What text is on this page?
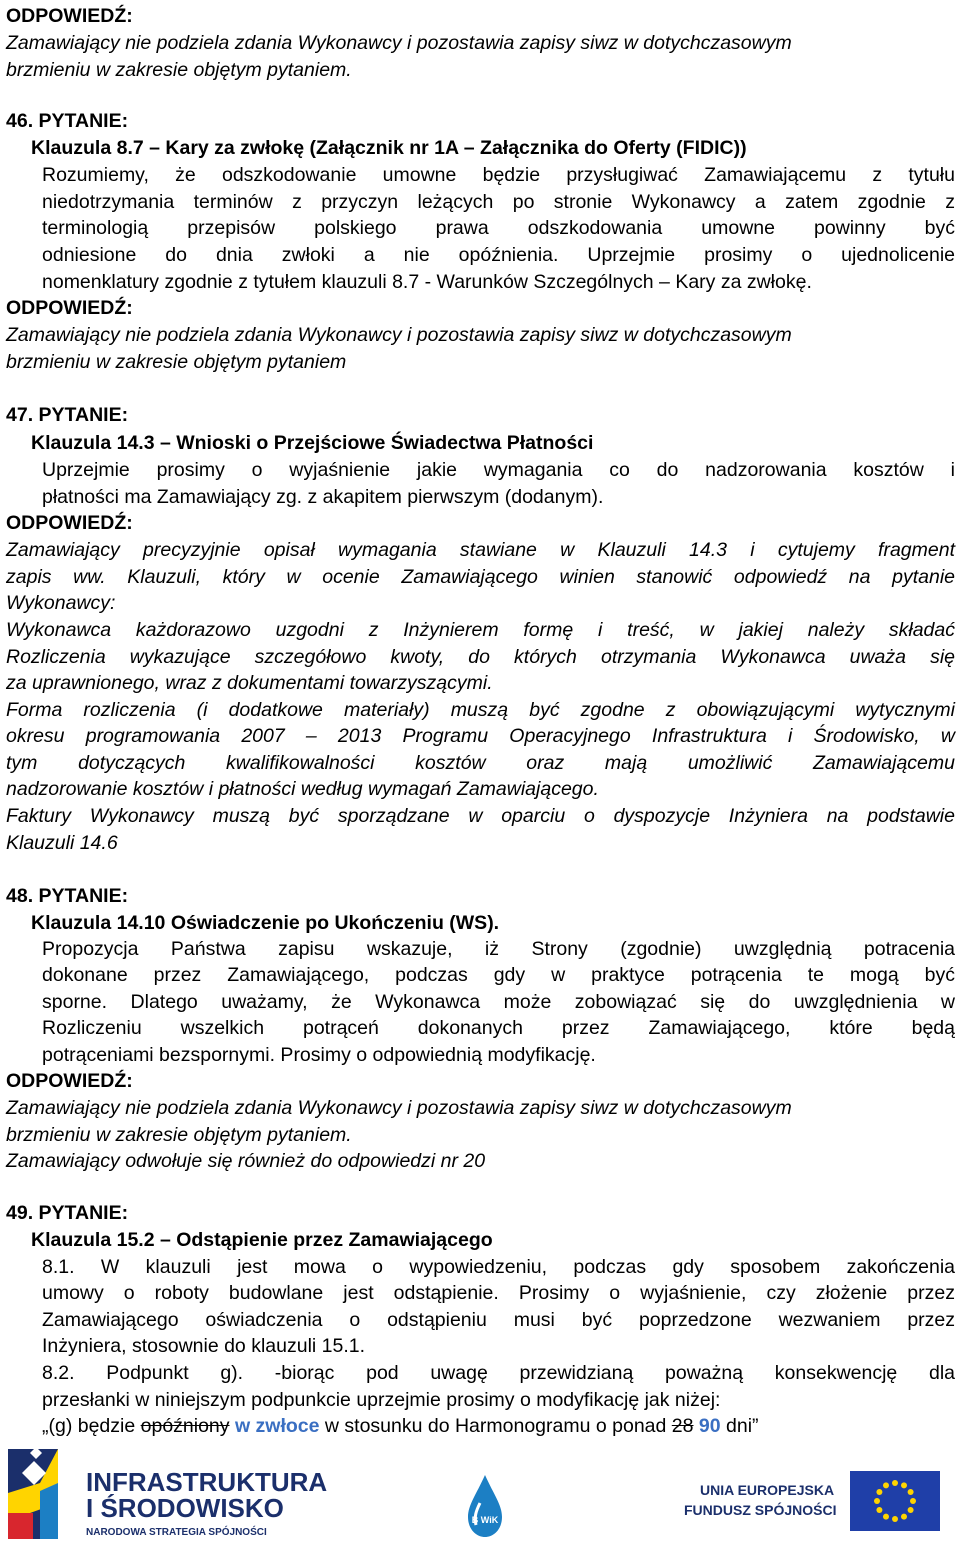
ODPOWIEDŹ:
Zamawiający nie podziela zdania Wykonawcy i pozostawia zapisy siwz w dotychczasowym
brzmieniu w zakresie objętym pytaniem.
46. PYTANIE:
Klauzula 8.7 – Kary za zwłokę (Załącznik nr 1A – Załącznika do Oferty (FIDIC))
Rozumiemy, że odszkodowanie umowne będzie przysługiwać Zamawiającemu z tytułu
niedotrzymania terminów z przyczyn leżących po stronie Wykonawcy a zatem zgodnie z
terminologią przepisów polskiego prawa odszkodowania umowne powinny być
odniesione do dnia zwłoki a nie opóźnienia. Uprzejmie prosimy o ujednolicenie
nomenklatury zgodnie z tytułem klauzuli 8.7 - Warunków Szczególnych – Kary za zwłokę.
ODPOWIEDŹ:
Zamawiający nie podziela zdania Wykonawcy i pozostawia zapisy siwz w dotychczasowym
brzmieniu w zakresie objętym pytaniem
47. PYTANIE:
Klauzula 14.3 – Wnioski o Przejściowe Świadectwa Płatności
Uprzejmie prosimy o wyjaśnienie jakie wymagania co do nadzorowania kosztów i
płatności ma Zamawiający zg. z akapitem pierwszym (dodanym).
ODPOWIEDŹ:
Zamawiający precyzyjnie opisał wymagania stawiane w Klauzuli 14.3 i cytujemy fragment
zapis ww. Klauzuli, który w ocenie Zamawiającego winien stanowić odpowiedź na pytanie
Wykonawcy:
Wykonawca każdorazowo uzgodni z Inżynierem formę i treść, w jakiej należy składać
Rozliczenia wykazujące szczegółowo kwoty, do których otrzymania Wykonawca uważa się
za uprawnionego, wraz z dokumentami towarzyszącymi.
Forma rozliczenia (i dodatkowe materiały) muszą być zgodne z obowiązującymi wytycznymi
okresu programowania 2007 – 2013 Programu Operacyjnego Infrastruktura i Środowisko, w
tym dotyczących kwalifikowalności kosztów oraz mają umożliwić Zamawiającemu
nadzorowanie kosztów i płatności według wymagań Zamawiającego.
Faktury Wykonawcy muszą być sporządzane w oparciu o dyspozycje Inżyniera na podstawie
Klauzuli 14.6
48. PYTANIE:
Klauzula 14.10 Oświadczenie po Ukończeniu (WS).
Propozycja Państwa zapisu wskazuje, iż Strony (zgodnie) uwzględnią potracenia
dokonane przez Zamawiającego, podczas gdy w praktyce potrącenia te mogą być
sporne. Dlatego uważamy, że Wykonawca może zobowiązać się do uwzględnienia w
Rozliczeniu wszelkich potrąceń dokonanych przez Zamawiającego, które będą
potrąceniami bezspornymi. Prosimy o odpowiednią modyfikację.
ODPOWIEDŹ:
Zamawiający nie podziela zdania Wykonawcy i pozostawia zapisy siwz w dotychczasowym
brzmieniu w zakresie objętym pytaniem.
Zamawiający odwołuje się również do odpowiedzi nr 20
49. PYTANIE:
Klauzula 15.2 – Odstąpienie przez Zamawiającego
8.1. W klauzuli jest mowa o wypowiedzeniu, podczas gdy sposobem zakończenia
umowy o roboty budowlane jest odstąpienie. Prosimy o wyjaśnienie, czy złożenie przez
Zamawiającego oświadczenia o odstąpieniu musi być poprzedzone wezwaniem przez
Inżyniera, stosownie do klauzuli 15.1.
8.2. Podpunkt g). -biorąc pod uwagę przewidzianą poważną konsekwencję dla
przesłanki w niniejszym podpunkcie uprzejmie prosimy o modyfikację jak niżej:
„(g) będzie opóźniony w zwłoce w stosunku do Harmonogramu o ponad 28 90 dni”
INFRASTRUKTURA
I ŚRODOWISKO
NARODOWA STRATEGIA SPÓJNOŚCI
B WiK
UNIA EUROPEJSKA
FUNDUSZ SPÓJNOŚCI
